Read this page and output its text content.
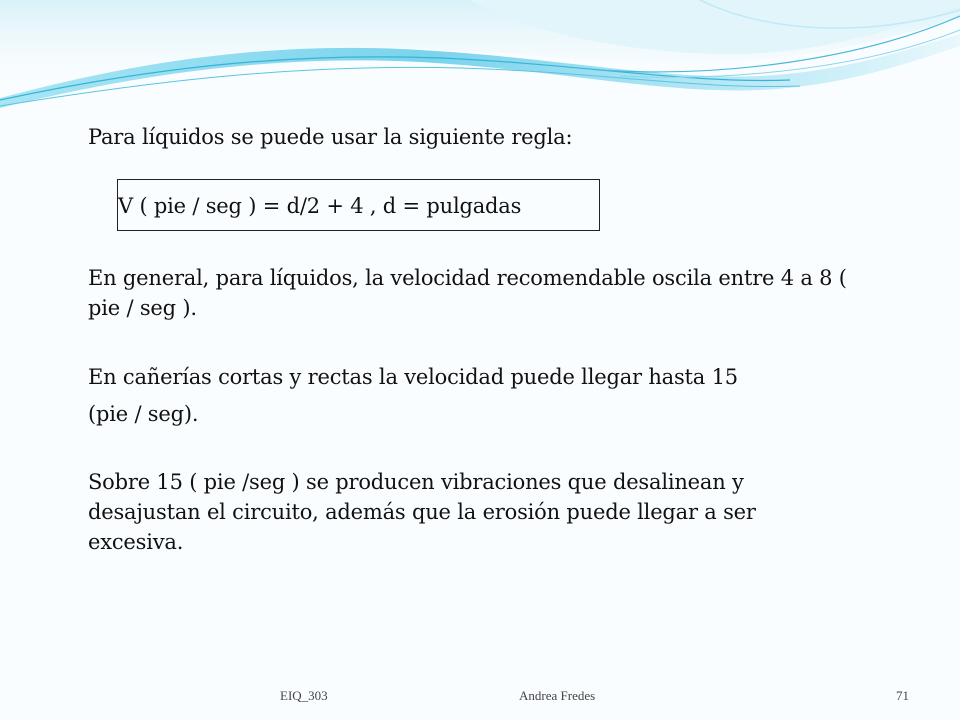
Para líquidos se puede usar la siguiente regla:

V ( pie / seg ) = d/2 + 4 , d = pulgadas

En general, para líquidos, la velocidad recomendable oscila entre 4 a 8 ( pie / seg ).

En cañerías cortas y rectas la velocidad puede llegar hasta 15

(pie / seg).

Sobre 15 ( pie /seg ) se producen vibraciones que desalinean y desajustan el circuito, además que la erosión puede llegar a ser excesiva.

EIQ_303	Andrea Fredes	71
